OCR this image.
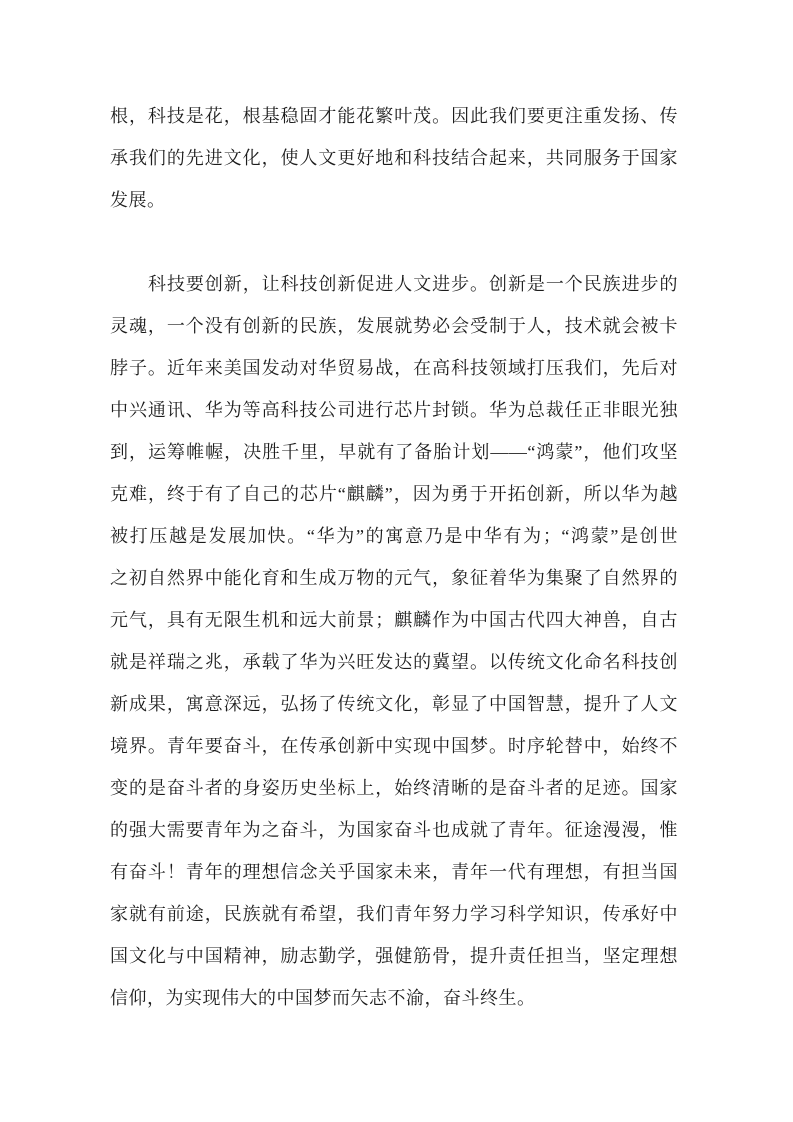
根，科技是花，根基稳固才能花繁叶茂。因此我们要更注重发扬、传
承我们的先进文化，使人文更好地和科技结合起来，共同服务于国家
发展。
科技要创新，让科技创新促进人文进步。创新是一个民族进步的
灵魂，一个没有创新的民族，发展就势必会受制于人，技术就会被卡
脖子。近年来美国发动对华贸易战，在高科技领域打压我们，先后对
中兴通讯、华为等高科技公司进行芯片封锁。华为总裁任正非眼光独
到，运筹帷幄，决胜千里，早就有了备胎计划——“鸿蒙”，他们攻坚
克难，终于有了自己的芯片“麒麟”，因为勇于开拓创新，所以华为越
被打压越是发展加快。“华为”的寓意乃是中华有为；“鸿蒙”是创世
之初自然界中能化育和生成万物的元气，象征着华为集聚了自然界的
元气，具有无限生机和远大前景；麒麟作为中国古代四大神兽，自古
就是祥瑞之兆，承载了华为兴旺发达的冀望。以传统文化命名科技创
新成果，寓意深远，弘扬了传统文化，彰显了中国智慧，提升了人文
境界。青年要奋斗，在传承创新中实现中国梦。时序轮替中，始终不
变的是奋斗者的身姿历史坐标上，始终清晰的是奋斗者的足迹。国家
的强大需要青年为之奋斗，为国家奋斗也成就了青年。征途漫漫，惟
有奋斗！青年的理想信念关乎国家未来，青年一代有理想，有担当国
家就有前途，民族就有希望，我们青年努力学习科学知识，传承好中
国文化与中国精神，励志勤学，强健筋骨，提升责任担当，坚定理想
信仰，为实现伟大的中国梦而矢志不渝，奋斗终生。
